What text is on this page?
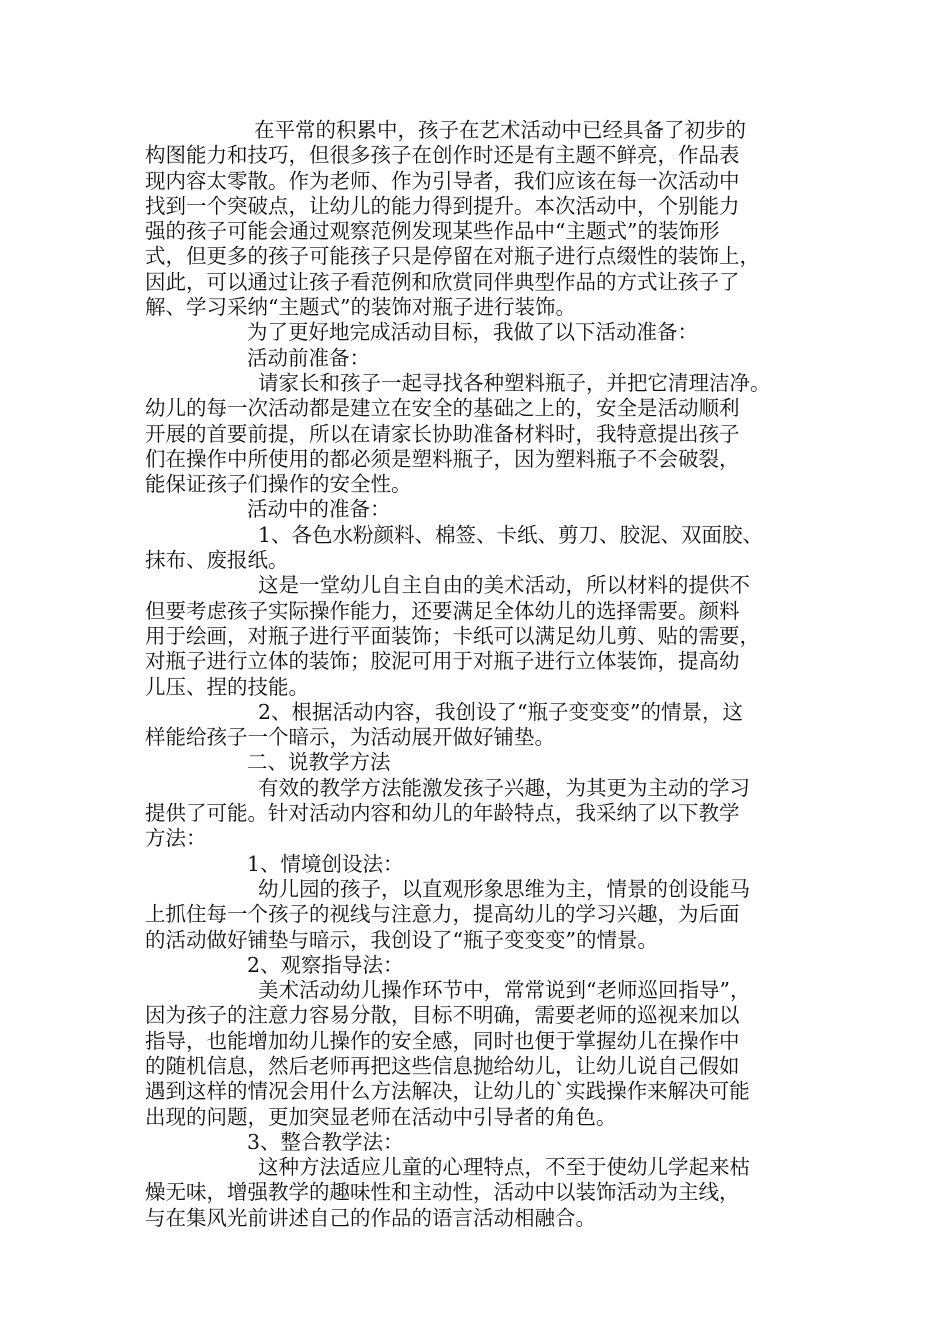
在平常的积累中，孩子在艺术活动中已经具备了初步的
构图能力和技巧，但很多孩子在创作时还是有主题不鲜亮，作品表
现内容太零散。作为老师、作为引导者，我们应该在每一次活动中
找到一个突破点，让幼儿的能力得到提升。本次活动中，个别能力
强的孩子可能会通过观察范例发现某些作品中“主题式”的装饰形
式，但更多的孩子可能孩子只是停留在对瓶子进行点缀性的装饰上，
因此，可以通过让孩子看范例和欣赏同伴典型作品的方式让孩子了
解、学习采纳“主题式”的装饰对瓶子进行装饰。
为了更好地完成活动目标，我做了以下活动准备：
活动前准备：
请家长和孩子一起寻找各种塑料瓶子，并把它清理洁净。
幼儿的每一次活动都是建立在安全的基础之上的，安全是活动顺利
开展的首要前提，所以在请家长协助准备材料时，我特意提出孩子
们在操作中所使用的都必须是塑料瓶子，因为塑料瓶子不会破裂，
能保证孩子们操作的安全性。
活动中的准备：
1、各色水粉颜料、棉签、卡纸、剪刀、胶泥、双面胶、
抹布、废报纸。
这是一堂幼儿自主自由的美术活动，所以材料的提供不
但要考虑孩子实际操作能力，还要满足全体幼儿的选择需要。颜料
用于绘画，对瓶子进行平面装饰；卡纸可以满足幼儿剪、贴的需要，
对瓶子进行立体的装饰；胶泥可用于对瓶子进行立体装饰，提高幼
儿压、捏的技能。
2、根据活动内容，我创设了“瓶子变变变”的情景，这
样能给孩子一个暗示，为活动展开做好铺垫。
二、说教学方法
有效的教学方法能激发孩子兴趣，为其更为主动的学习
提供了可能。针对活动内容和幼儿的年龄特点，我采纳了以下教学
方法：
1、情境创设法：
幼儿园的孩子，以直观形象思维为主，情景的创设能马
上抓住每一个孩子的视线与注意力，提高幼儿的学习兴趣，为后面
的活动做好铺垫与暗示，我创设了“瓶子变变变”的情景。
2、观察指导法：
美术活动幼儿操作环节中，常常说到“老师巡回指导”，
因为孩子的注意力容易分散，目标不明确，需要老师的巡视来加以
指导，也能增加幼儿操作的安全感，同时也便于掌握幼儿在操作中
的随机信息，然后老师再把这些信息抛给幼儿，让幼儿说自己假如
遇到这样的情况会用什么方法解决，让幼儿的`实践操作来解决可能
出现的问题，更加突显老师在活动中引导者的角色。
3、整合教学法：
这种方法适应儿童的心理特点，不至于使幼儿学起来枯
燥无味，增强教学的趣味性和主动性，活动中以装饰活动为主线，
与在集风光前讲述自己的作品的语言活动相融合。
